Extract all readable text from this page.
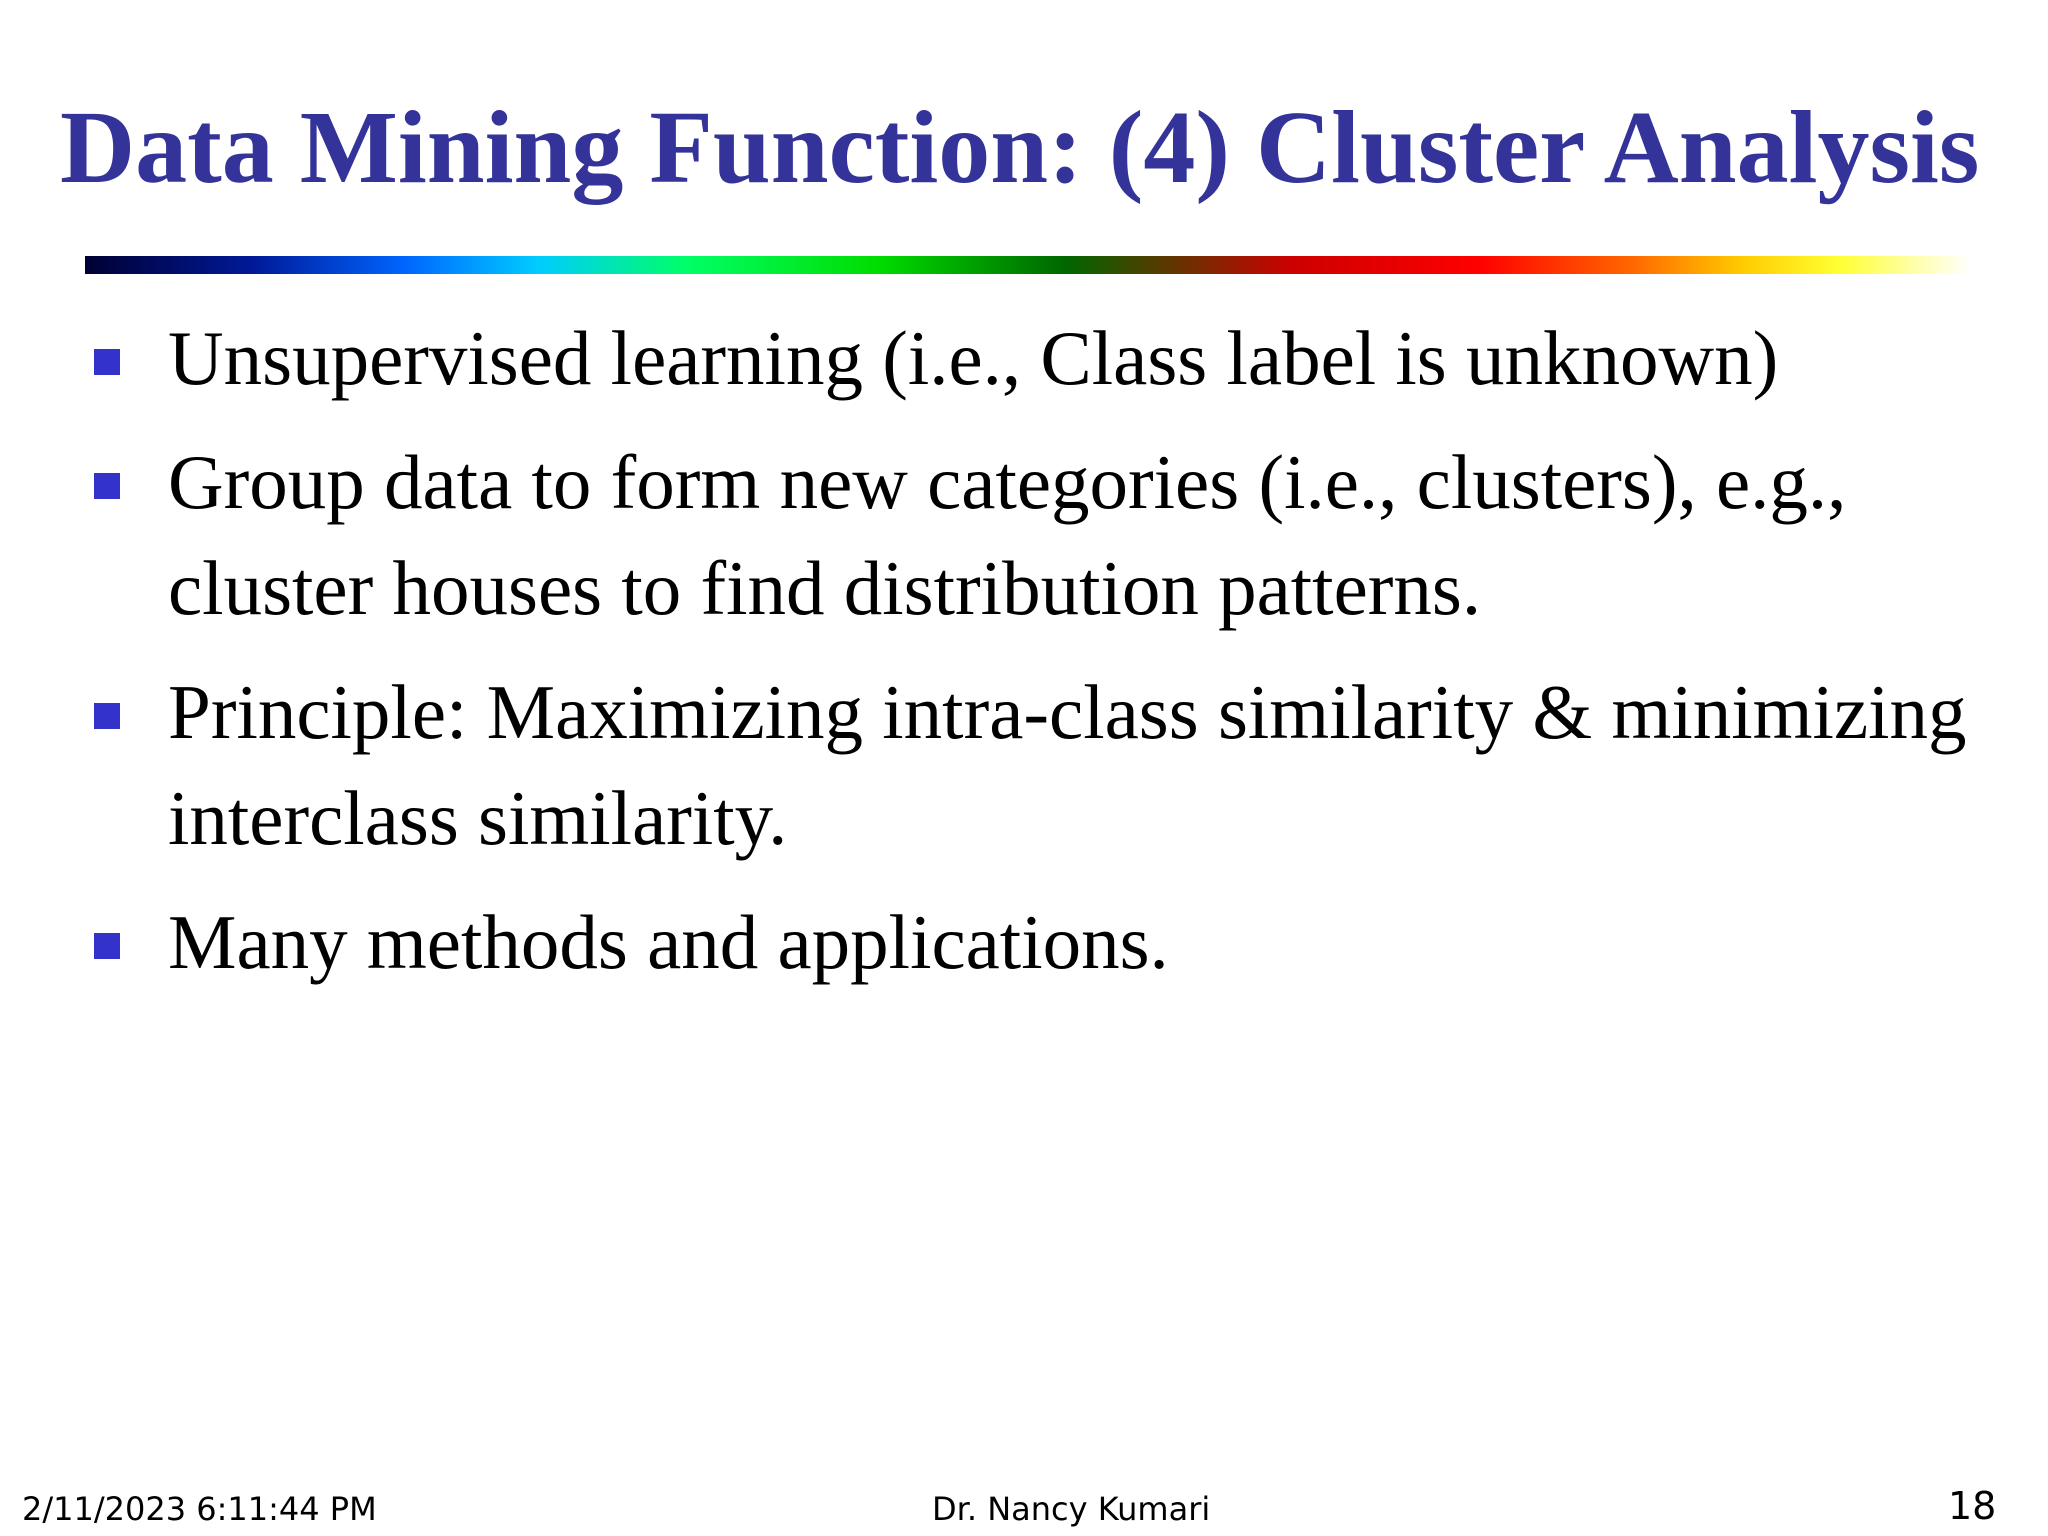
Data Mining Function: (4) Cluster Analysis
Unsupervised learning (i.e., Class label is unknown)
Group data to form new categories (i.e., clusters), e.g., cluster houses to find distribution patterns.
Principle: Maximizing intra-class similarity & minimizing interclass similarity.
Many methods and applications.
2/11/2023 6:11:44 PM	Dr. Nancy Kumari	18
